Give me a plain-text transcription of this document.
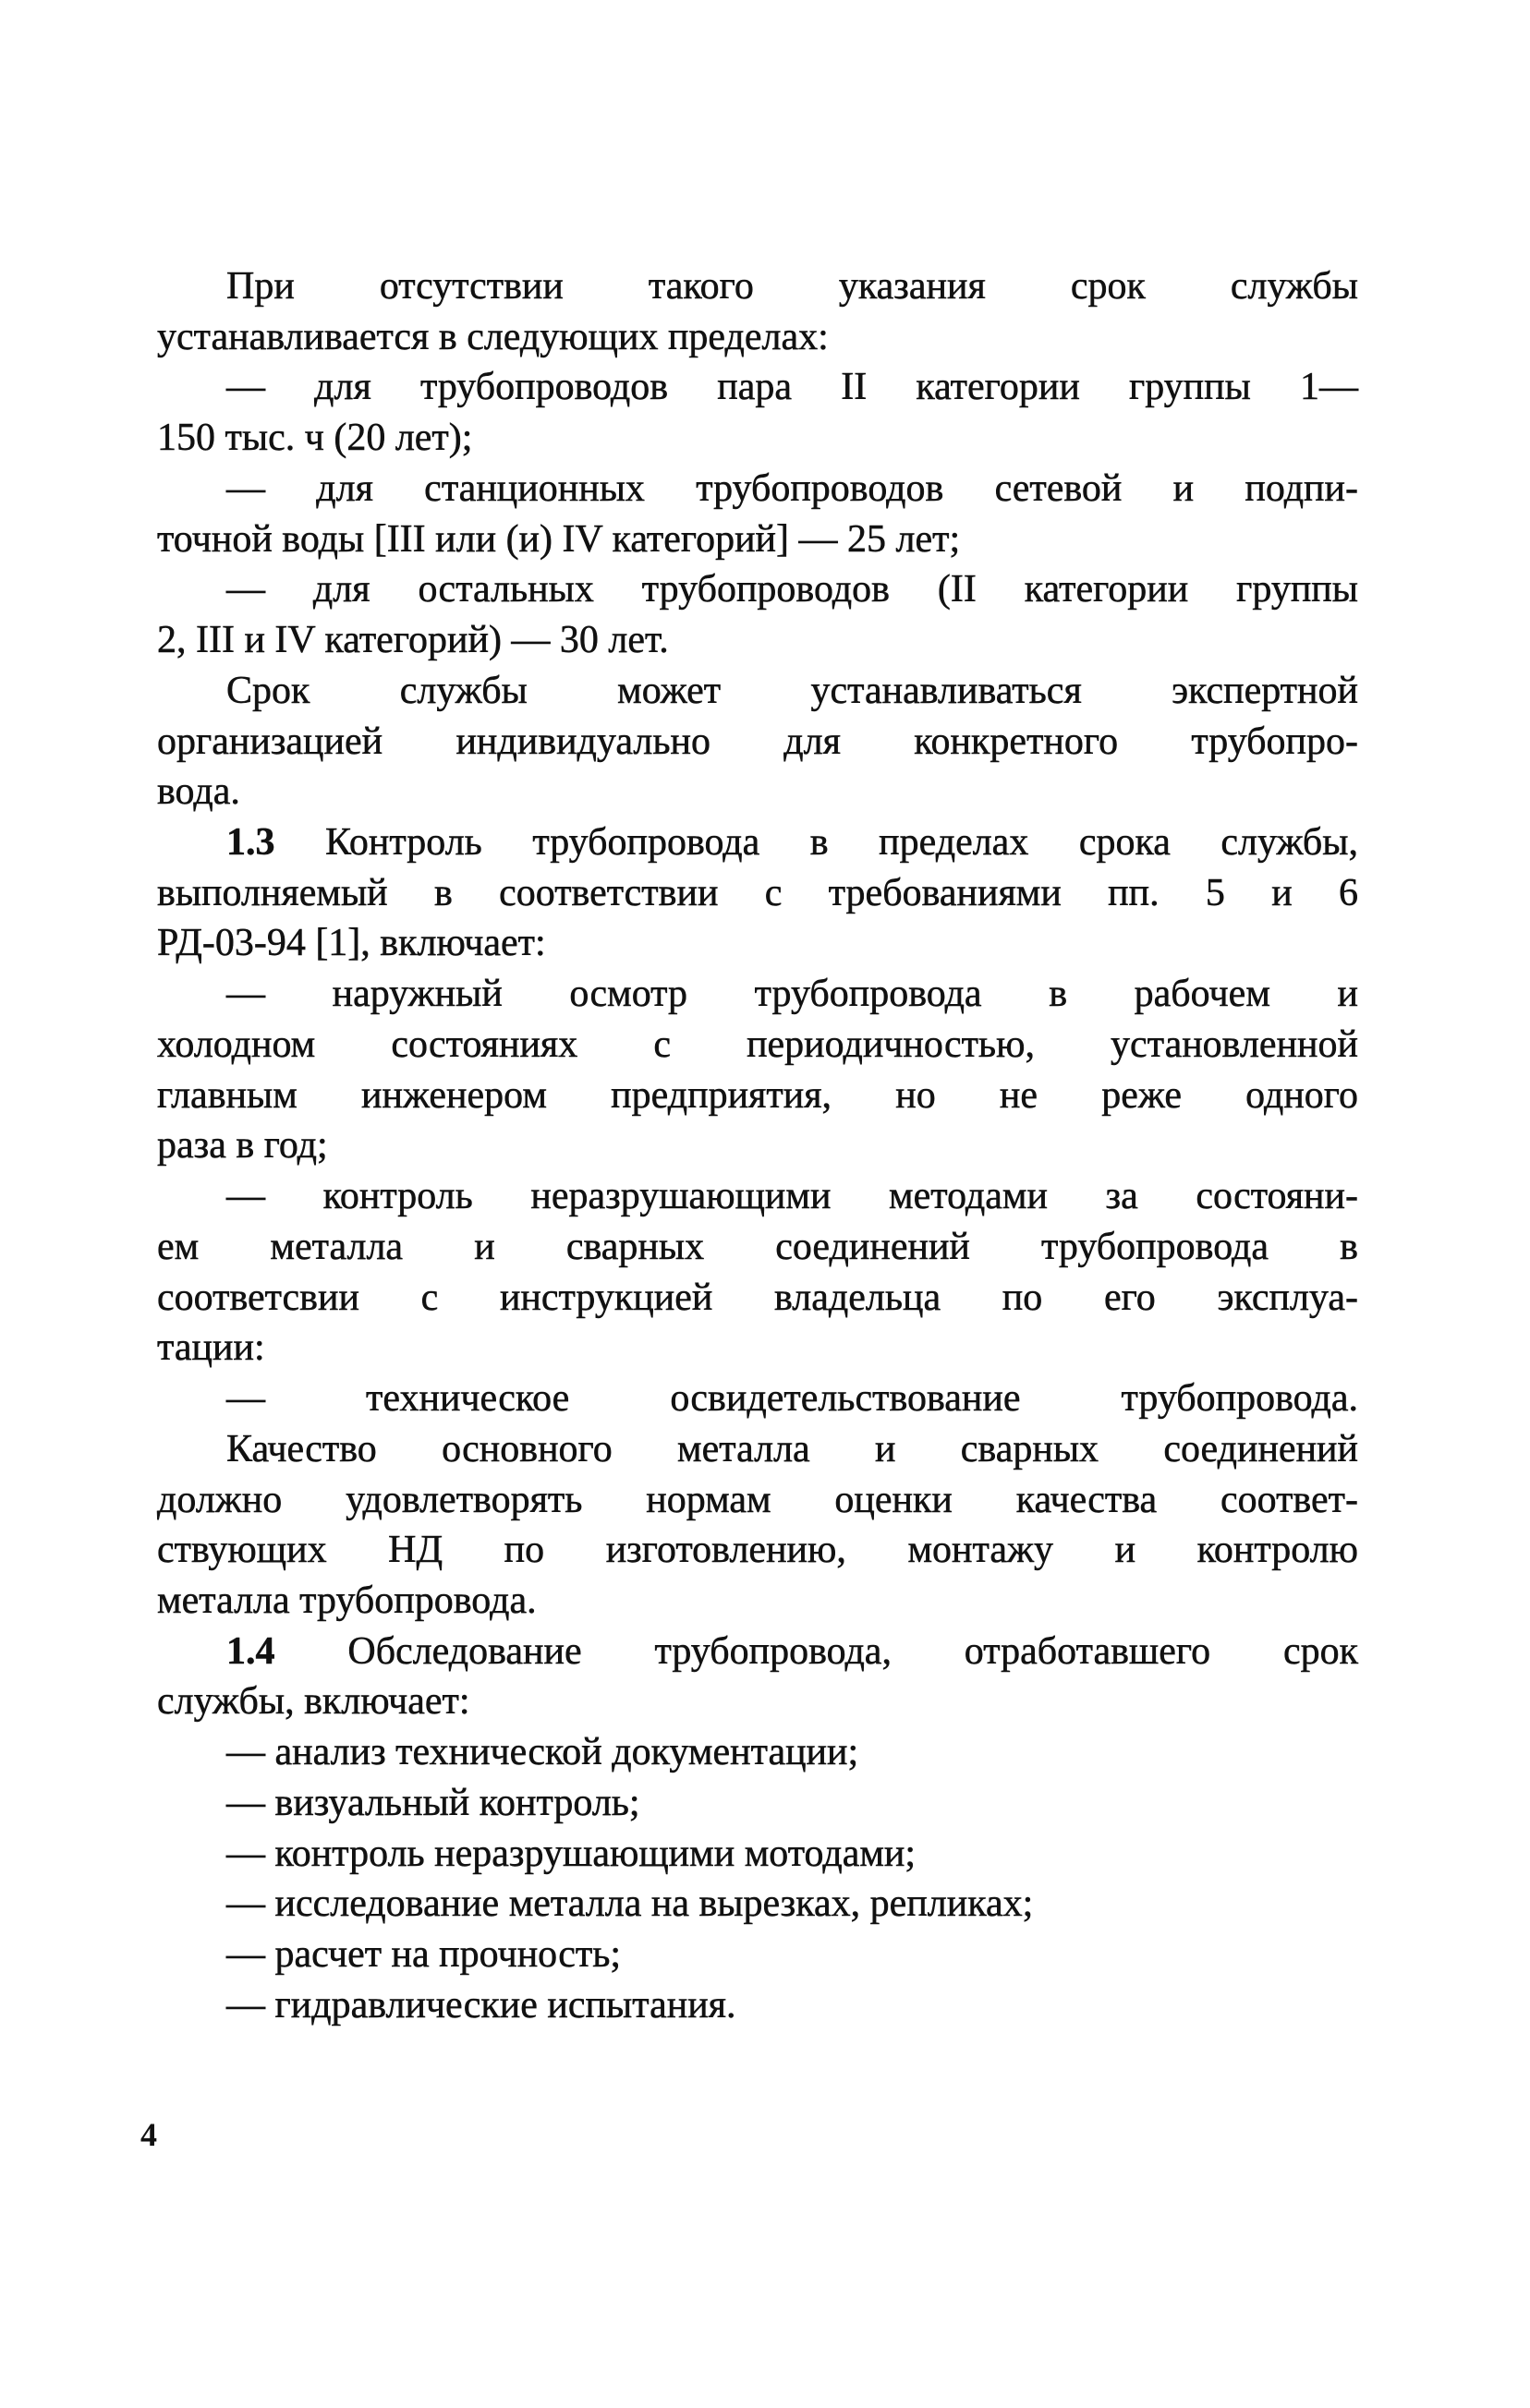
При отсутствии такого указания срок службы
устанавливается в следующих пределах:
— для трубопроводов пара II категории группы 1—
150 тыс. ч (20 лет);
— для станционных трубопроводов сетевой и подпи-
точной воды [III или (и) IV категорий] — 25 лет;
— для остальных трубопроводов (II категории группы
2, III и IV категорий) — 30 лет.
Срок службы может устанавливаться экспертной
организацией индивидуально для конкретного трубопро-
вода.
1.3 Контроль трубопровода в пределах срока службы,
выполняемый в соответствии с требованиями пп. 5 и 6
РД-03-94 [1], включает:
— наружный осмотр трубопровода в рабочем и
холодном состояниях с периодичностью, установленной
главным инженером предприятия, но не реже одного
раза в год;
— контроль неразрушающими методами за состояни-
ем металла и сварных соединений трубопровода в
соответсвии с инструкцией владельца по его эксплуа-
тации:
— техническое освидетельствование трубопровода.
Качество основного металла и сварных соединений
должно удовлетворять нормам оценки качества соответ-
ствующих НД по изготовлению, монтажу и контролю
металла трубопровода.
1.4 Обследование трубопровода, отработавшего срок
службы, включает:
— анализ технической документации;
— визуальный контроль;
— контроль неразрушающими мотодами;
— исследование металла на вырезках, репликах;
— расчет на прочность;
— гидравлические испытания.
4
